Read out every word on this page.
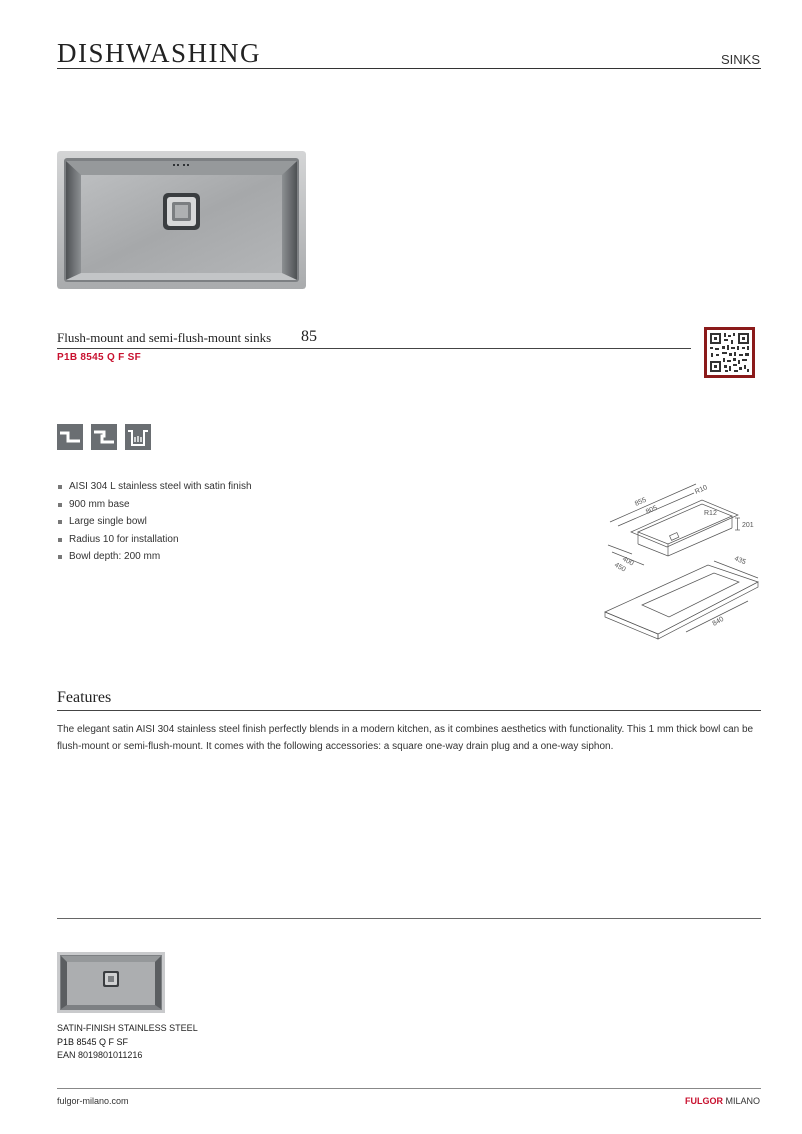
DISHWASHING	SINKS
Flush-mount and semi-flush-mount sinks 85
P1B 8545 Q F SF
AISI 304 L stainless steel with satin finish
900 mm base
Large single bowl
Radius 10 for installation
Bowl depth: 200 mm
855
805
R10
R12
201
400
450
435
840
Features
The elegant satin AISI 304 stainless steel finish perfectly blends in a modern kitchen, as it combines aesthetics with functionality. This 1 mm thick bowl can be flush-mount or semi-flush-mount. It comes with the following accessories: a square one-way drain plug and a one-way siphon.
SATIN-FINISH STAINLESS STEEL
P1B 8545 Q F SF
EAN 8019801011216
fulgor-milano.com	FULGOR MILANO
